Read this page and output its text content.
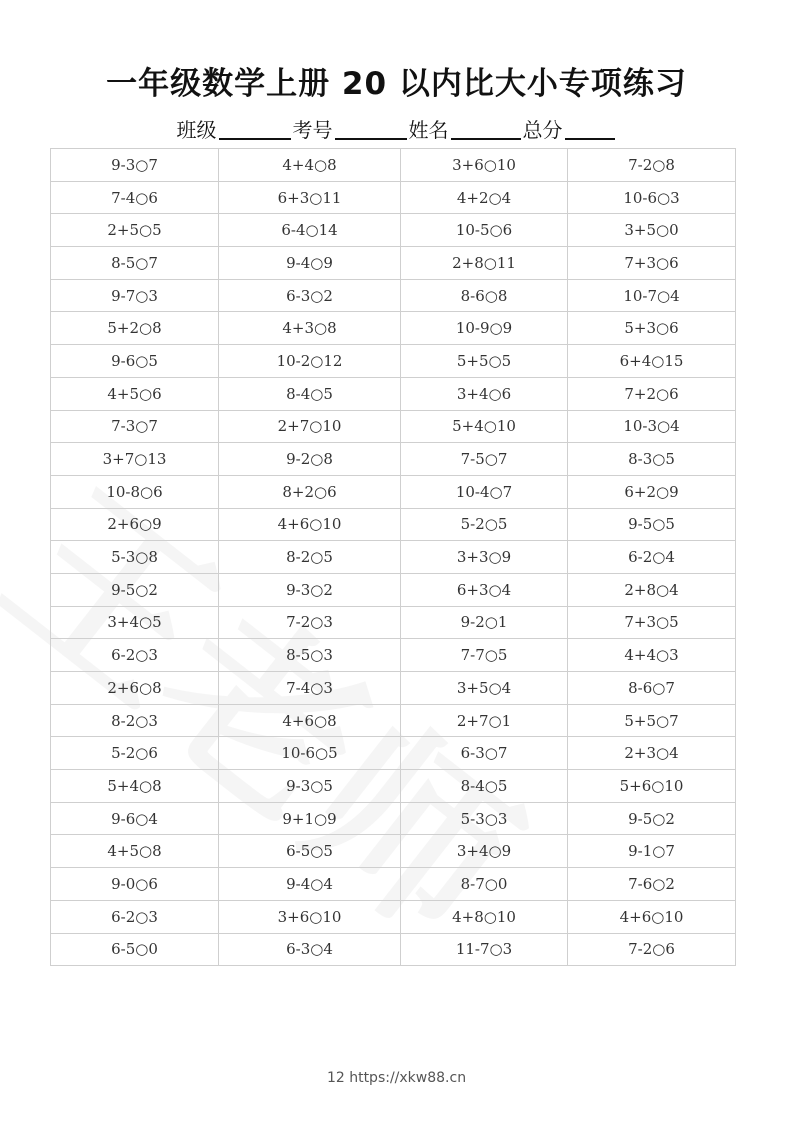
一年级数学上册 20 以内比大小专项练习
班级	考号	姓名	总分
9-3○7	4+4○8	3+6○10	7-2○8
7-4○6	6+3○11	4+2○4	10-6○3
2+5○5	6-4○14	10-5○6	3+5○0
8-5○7	9-4○9	2+8○11	7+3○6
9-7○3	6-3○2	8-6○8	10-7○4
5+2○8	4+3○8	10-9○9	5+3○6
9-6○5	10-2○12	5+5○5	6+4○15
4+5○6	8-4○5	3+4○6	7+2○6
7-3○7	2+7○10	5+4○10	10-3○4
3+7○13	9-2○8	7-5○7	8-3○5
10-8○6	8+2○6	10-4○7	6+2○9
2+6○9	4+6○10	5-2○5	9-5○5
5-3○8	8-2○5	3+3○9	6-2○4
9-5○2	9-3○2	6+3○4	2+8○4
3+4○5	7-2○3	9-2○1	7+3○5
6-2○3	8-5○3	7-7○5	4+4○3
2+6○8	7-4○3	3+5○4	8-6○7
8-2○3	4+6○8	2+7○1	5+5○7
5-2○6	10-6○5	6-3○7	2+3○4
5+4○8	9-3○5	8-4○5	5+6○10
9-6○4	9+1○9	5-3○3	9-5○2
4+5○8	6-5○5	3+4○9	9-1○7
9-0○6	9-4○4	8-7○0	7-6○2
6-2○3	3+6○10	4+8○10	4+6○10
6-5○0	6-3○4	11-7○3	7-2○6
12 https://xkw88.cn
